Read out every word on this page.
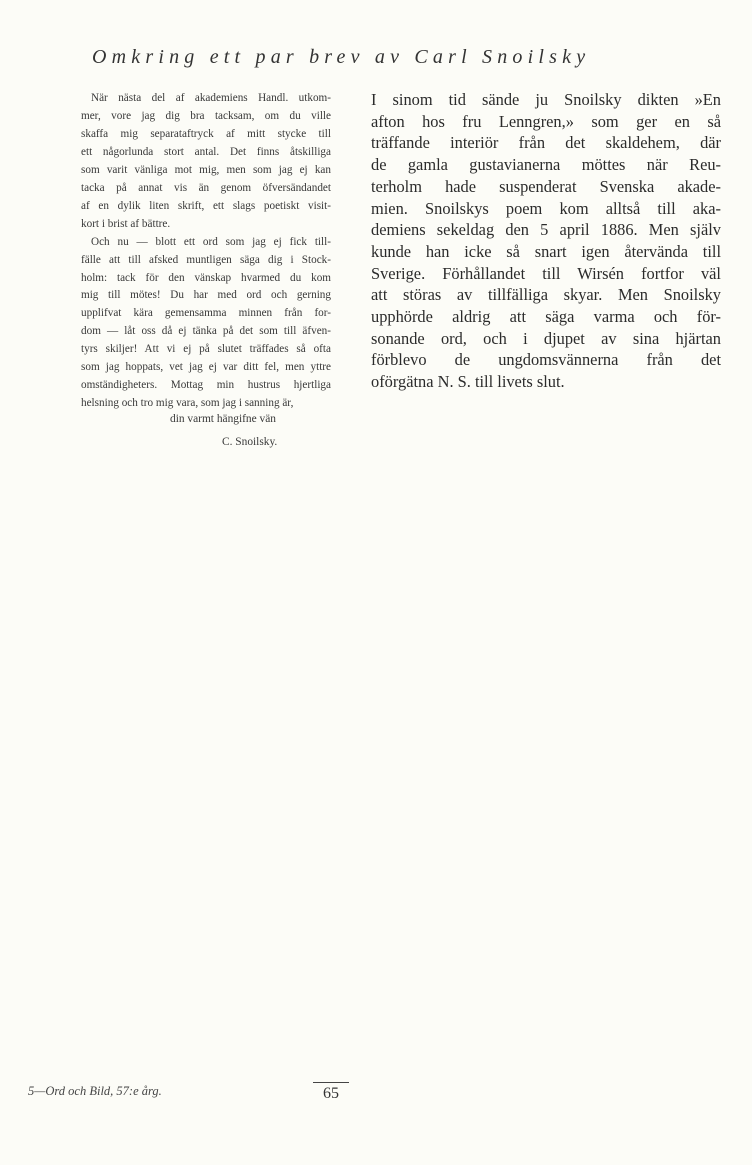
Omkring ett par brev av Carl Snoilsky
När nästa del af akademiens Handl. utkom-
mer, vore jag dig bra tacksam, om du ville
skaffa mig separataftryck af mitt stycke till
ett någorlunda stort antal. Det finns åtskilliga
som varit vänliga mot mig, men som jag ej kan
tacka på annat vis än genom öfversändandet
af en dylik liten skrift, ett slags poetiskt visit-
kort i brist af bättre.
Och nu — blott ett ord som jag ej fick till-
fälle att till afsked muntligen säga dig i Stock-
holm: tack för den vänskap hvarmed du kom
mig till mötes! Du har med ord och gerning
upplifvat kära gemensamma minnen från for-
dom — låt oss då ej tänka på det som till äfven-
tyrs skiljer! Att vi ej på slutet träffades så ofta
som jag hoppats, vet jag ej var ditt fel, men yttre
omständigheters. Mottag min hustrus hjertliga
helsning och tro mig vara, som jag i sanning är,
din varmt hängifne vän
C. Snoilsky.
I sinom tid sände ju Snoilsky dikten »En
afton hos fru Lenngren,» som ger en så
träffande interiör från det skaldehem, där
de gamla gustavianerna möttes när Reu-
terholm hade suspenderat Svenska akade-
mien. Snoilskys poem kom alltså till aka-
demiens sekeldag den 5 april 1886. Men själv
kunde han icke så snart igen återvända till
Sverige. Förhållandet till Wirsén fortfor väl
att störas av tillfälliga skyar. Men Snoilsky
upphörde aldrig att säga varma och för-
sonande ord, och i djupet av sina hjärtan
förblevo de ungdomsvännerna från det
oförgätna N. S. till livets slut.
5—Ord och Bild, 57:e årg.	65
